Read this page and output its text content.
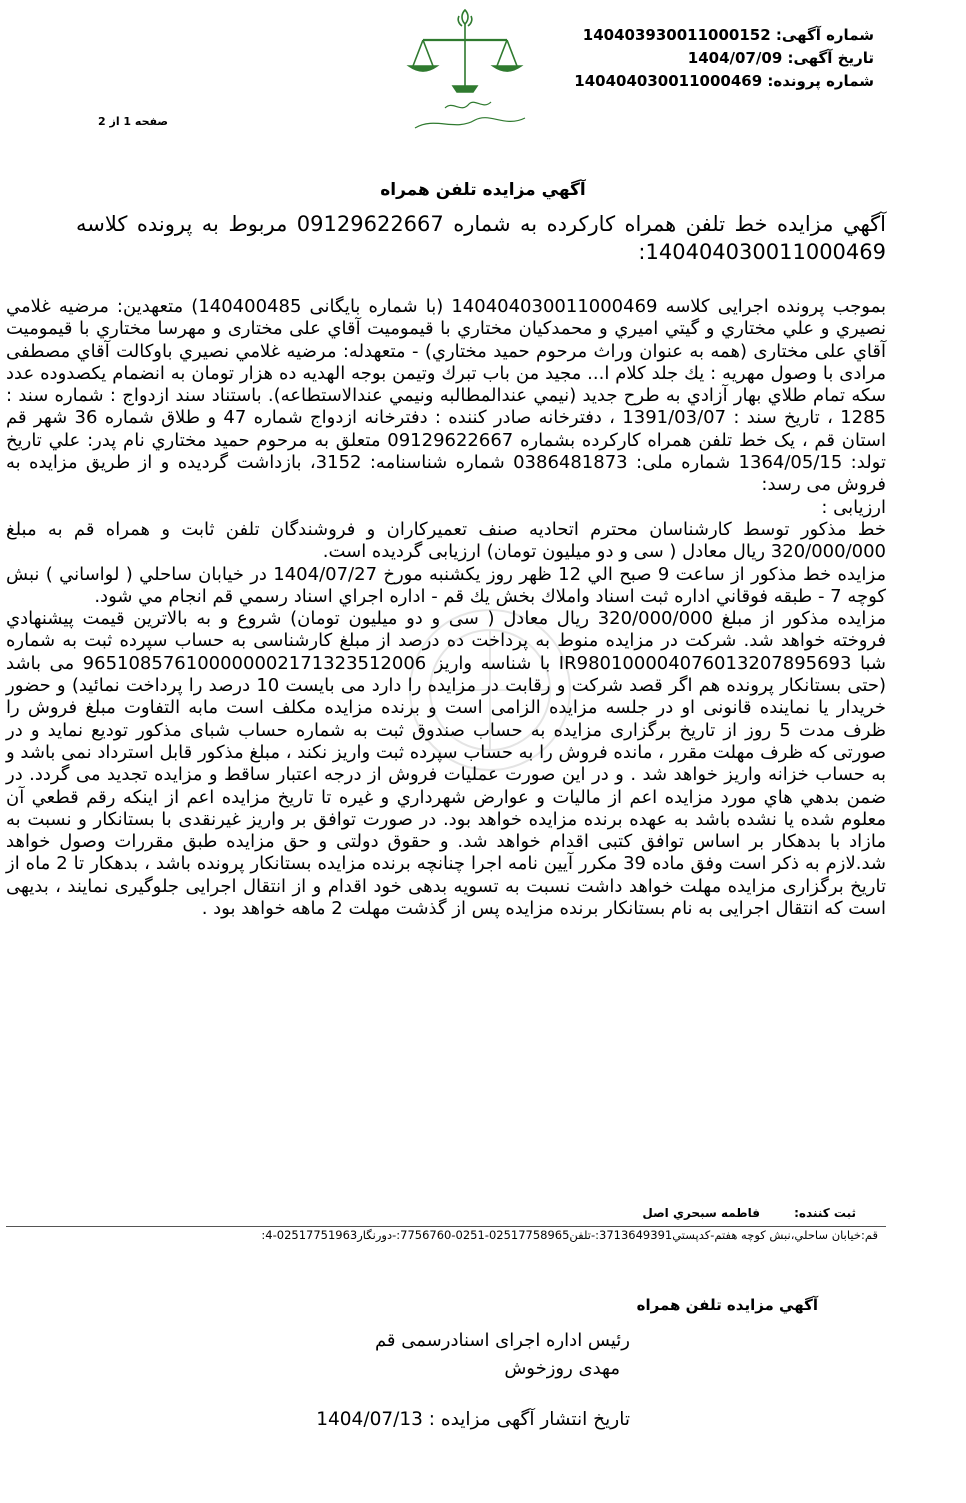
شماره آگهی: 140403930011000152
تاریخ آگهی: 1404/07/09
شماره پرونده: 140404030011000469
صفحه 1 از 2
آگهي مزايده تلفن همراه
آگهي مزايده خط تلفن همراه کارکرده به شماره 09129622667 مربوط به پرونده کلاسه 140404030011000469:
بموجب پرونده اجرایی کلاسه 140404030011000469 (با شماره بایگانی 140400485) متعهدين: مرضيه غلامي نصيري و علي مختاري و گيتي اميري و محمدكيان مختاري با قيموميت آقاي علی مختاری و مهرسا مختاري با قيموميت آقاي علی مختاری (همه به عنوان وراث مرحوم حميد مختاري) - متعهدله: مرضيه غلامي نصيري باوكالت آقاي مصطفی مرادی با وصول مهريه : يك جلد كلام ا... مجيد من باب تبرك وتيمن بوجه الهديه ده هزار تومان به انضمام يكصدوده عدد سكه تمام طلاي بهار آزادي به طرح جديد (نيمي عندالمطالبه ونيمي عندالاستطاعه). باستناد سند ازدواج : شماره سند : 1285 ، تاريخ سند : 1391/03/07 ، دفترخانه صادر كننده : دفترخانه ازدواج شماره 47 و طلاق شماره 36 شهر قم استان قم ، یک خط تلفن همراه کارکرده بشماره 09129622667 متعلق به مرحوم حميد مختاري نام پدر: علي تاريخ تولد: 1364/05/15 شماره ملی: 0386481873 شماره شناسنامه: 3152، بازداشت گردیده و از طريق مزايده به فروش می رسد:
ارزیابی :
خط مذکور توسط کارشناسان محترم اتحادیه صنف تعمیرکاران و فروشندگان تلفن ثابت و همراه قم به مبلغ 320/000/000 ريال معادل ( سی و دو ميليون تومان) ارزيابی گرديده است.
مزايده خط مذکور از ساعت 9 صبح الي 12 ظهر روز یکشنبه مورخ 1404/07/27 در خيابان ساحلي ( لواساني ) نبش کوچه 7 - طبقه فوقاني اداره ثبت اسناد واملاك بخش يك قم - اداره اجراي اسناد رسمي قم انجام مي شود.
مزايده مذکور از مبلغ 320/000/000 ريال معادل ( سی و دو ميليون تومان) شروع و به بالاترين قيمت پيشنهادي فروخته خواهد شد. شرکت در مزايده منوط به پرداخت ده درصد از مبلغ کارشناسی به حساب سپرده ثبت به شماره شبا IR980100004076013207895693 با شناسه واريز 965108576100000002171323512006 می باشد (حتی بستانکار پرونده هم اگر قصد شرکت و رقابت در مزایده را دارد می بایست 10 درصد را پرداخت نمائید) و حضور خریدار یا نماینده قانونی او در جلسه مزایده الزامی است و برنده مزایده مکلف است مابه التفاوت مبلغ فروش را ظرف مدت 5 روز از تاریخ برگزاری مزایده به حساب صندوق ثبت به شماره حساب شبای مذکور توديع نمايد و در صورتی که ظرف مهلت مقرر ، مانده فروش را به حساب سپرده ثبت واریز نکند ، مبلغ مذکور قابل استرداد نمی باشد و به حساب خزانه واريز خواهد شد . و در اين صورت عمليات فروش از درجه اعتبار ساقط و مزايده تجديد می گردد. در ضمن بدهي هاي مورد مزايده اعم از ماليات و عوارض شهرداري و غيره تا تاريخ مزايده اعم از اينكه رقم قطعي آن معلوم شده يا نشده باشد به عهده برنده مزايده خواهد بود. در صورت توافق بر واریز غیرنقدی با بستانکار و نسبت به مازاد با بدهکار بر اساس توافق کتبی اقدام خواهد شد. و حقوق دولتی و حق مزایده طبق مقررات وصول خواهد شد.لازم به ذکر است وفق ماده 39 مکرر آیین نامه اجرا چنانچه برنده مزایده بستانکار پرونده باشد ، بدهکار تا 2 ماه از تاریخ برگزاری مزایده مهلت خواهد داشت نسبت به تسویه بدهی خود اقدام و از انتقال اجرایی جلوگیری نمایند ، بدیهی است که انتقال اجرایی به نام بستانکار برنده مزایده پس از گذشت مهلت 2 ماهه خواهد بود .
ثبت كننده: فاطمه سبحري اصل
قم:خيابان ساحلي،نبش کوچه هفتم-کدپستي3713649391:-تلفن02517758965-0251-7756760:-دورنگار02517751963-4:
آگهي مزايده تلفن همراه
رئيس اداره اجرای اسنادرسمی قم
مهدی روزخوش
تاریخ انتشار آگهی مزایده : 1404/07/13
